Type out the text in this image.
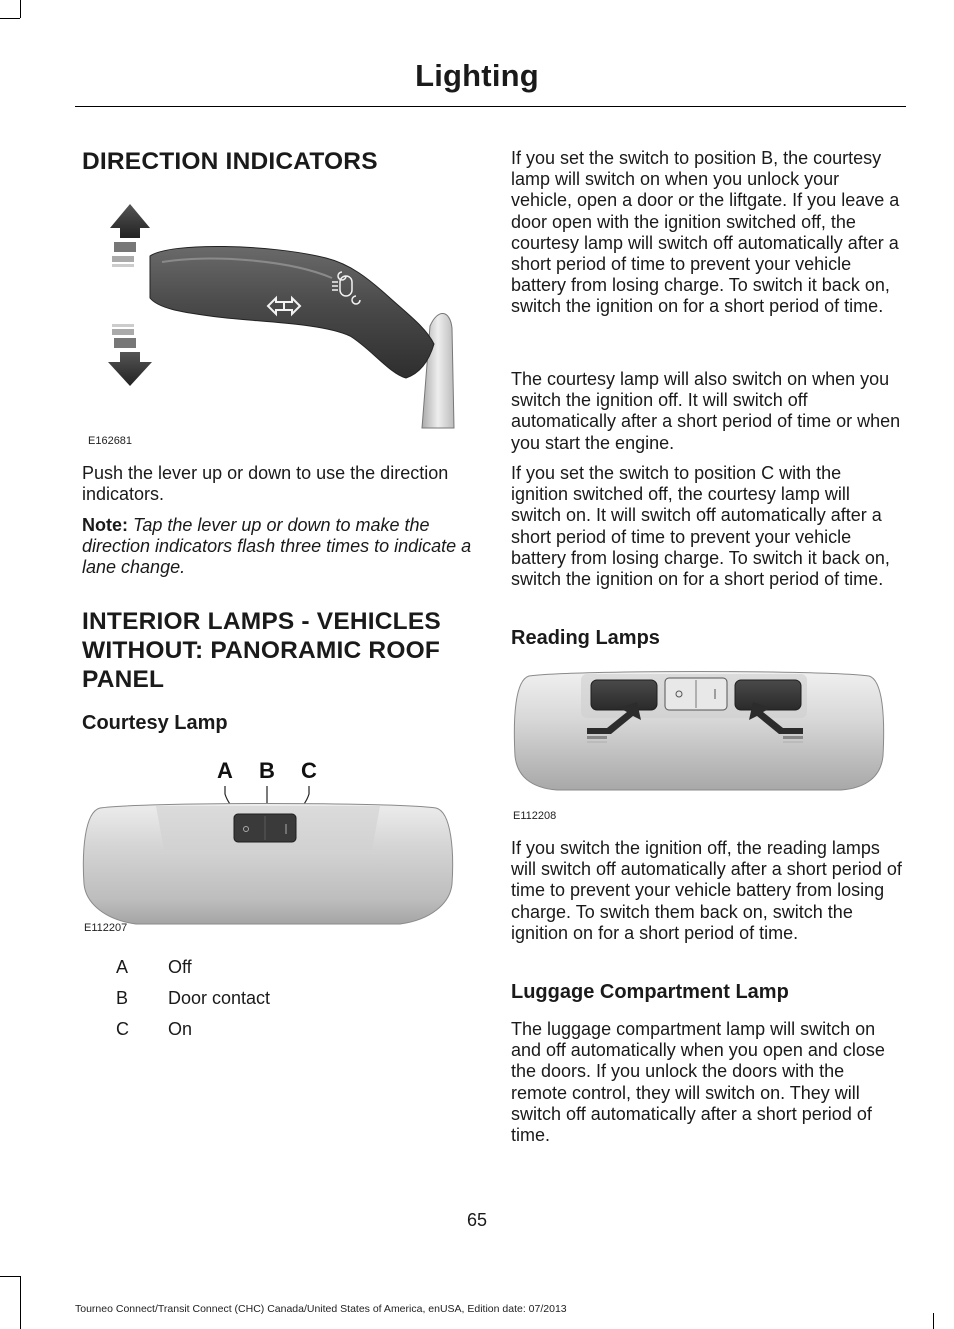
Lighting
DIRECTION INDICATORS
E162681

Push the lever up or down to use the direction indicators.

Note: Tap the lever up or down to make the direction indicators flash three times to indicate a lane change.

INTERIOR LAMPS - VEHICLES WITHOUT: PANORAMIC ROOF PANEL
Courtesy Lamp
A B C
E112207
A Off
B Door contact
C On

If you set the switch to position B, the courtesy lamp will switch on when you unlock your vehicle, open a door or the liftgate. If you leave a door open with the ignition switched off, the courtesy lamp will switch off automatically after a short period of time to prevent your vehicle battery from losing charge. To switch it back on, switch the ignition on for a short period of time.

The courtesy lamp will also switch on when you switch the ignition off. It will switch off automatically after a short period of time or when you start the engine.

If you set the switch to position C with the ignition switched off, the courtesy lamp will switch on. It will switch off automatically after a short period of time to prevent your vehicle battery from losing charge. To switch it back on, switch the ignition on for a short period of time.

Reading Lamps
E112208

If you switch the ignition off, the reading lamps will switch off automatically after a short period of time to prevent your vehicle battery from losing charge. To switch them back on, switch the ignition on for a short period of time.

Luggage Compartment Lamp

The luggage compartment lamp will switch on and off automatically when you open and close the doors. If you unlock the doors with the remote control, they will switch on. They will switch off automatically after a short period of time.

65
Tourneo Connect/Transit Connect (CHC) Canada/United States of America, enUSA, Edition date: 07/2013
